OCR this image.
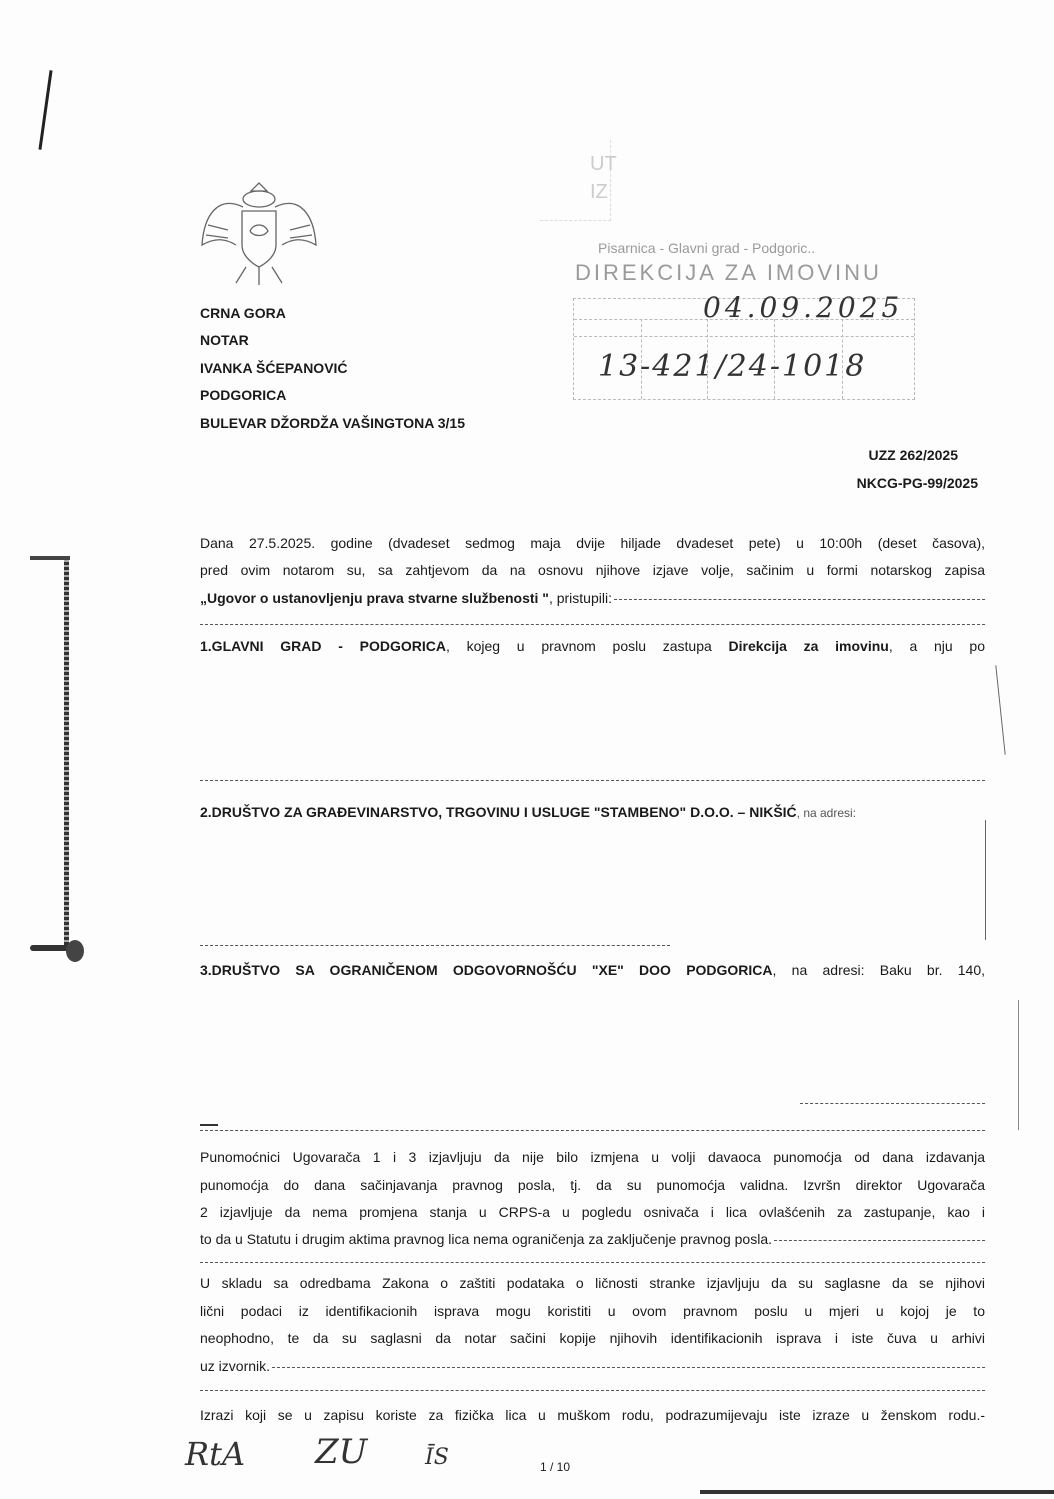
CRNA GORA
NOTAR
IVANKA ŠĆEPANOVIĆ
PODGORICA
BULEVAR DŽORDŽA VAŠINGTONA 3/15
UT
IZ
Pisarnica - Glavni grad - Podgoric..
DIREKCIJA ZA IMOVINU
04.09.2025
13-421/24-1018
UZZ 262/2025
NKCG-PG-99/2025
Dana 27.5.2025. godine (dvadeset sedmog maja dvije hiljade dvadeset pete) u 10:00h (deset časova),
pred ovim notarom su, sa zahtjevom da na osnovu njihove izjave volje, sačinim u formi notarskog zapisa
„Ugovor o ustanovljenju prava stvarne službenosti " , pristupili:
1.GLAVNI GRAD - PODGORICA, kojeg u pravnom poslu zastupa Direkcija za imovinu, a nju po
2.DRUŠTVO ZA GRAĐEVINARSTVO, TRGOVINU I USLUGE "STAMBENO" D.O.O. – NIKŠIĆ, na adresi:
3.DRUŠTVO SA OGRANIČENOM ODGOVORNOŠĆU "XE" DOO PODGORICA, na adresi: Baku br. 140,
Punomoćnici Ugovarača 1 i 3 izjavljuju da nije bilo izmjena u volji davaoca punomoćja od dana izdavanja
punomoćja do dana sačinjavanja pravnog posla, tj. da su punomoćja validna. Izvršn direktor Ugovarača
2 izjavljuje da nema promjena stanja u CRPS-a u pogledu osnivača i lica ovlašćenih za zastupanje, kao i
to da u Statutu i drugim aktima pravnog lica nema ograničenja za zaključenje pravnog posla.
U skladu sa odredbama Zakona o zaštiti podataka o ličnosti stranke izjavljuju da su saglasne da se njihovi
lični podaci iz identifikacionih isprava mogu koristiti u ovom pravnom poslu u mjeri u kojoj je to
neophodno, te da su saglasni da notar sačini kopije njihovih identifikacionih isprava i iste čuva u arhivi
uz izvornik.
Izrazi koji se u zapisu koriste za fizička lica u muškom rodu, podrazumijevaju iste izraze u ženskom rodu.-
RtA ZU	ĪS	1 / 10
